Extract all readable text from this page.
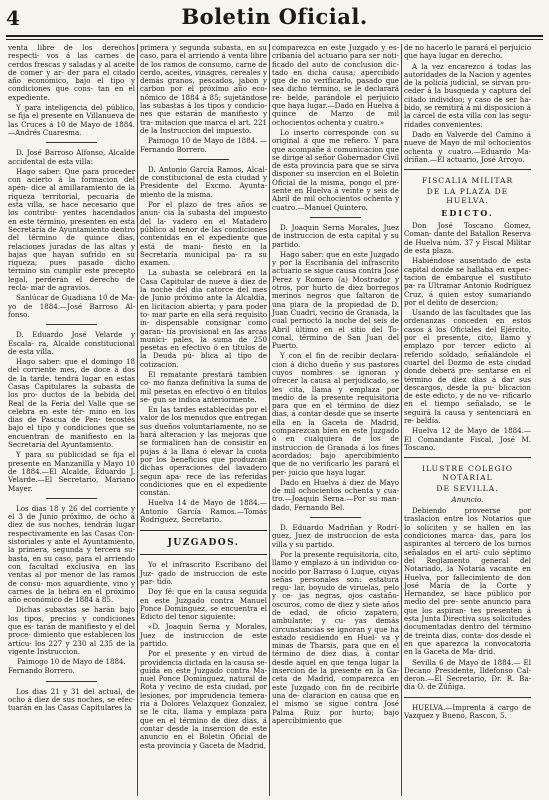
4	Boletin Oficial.

venta libre de los derechos respecti- vos á las carnes de cerdos frescas y saladas y al aceite de comer y ar- der para el citado año económico, bajo el tipo y condiciones que cons- tan en el expediente.

Y para inteligencia del público, se fija el presente en Villanueva de las Cruces á 10 de Mayo de 1884. —Andrés Cuaresma.

D. José Barroso Alfonso, Alcalde accidental de esta villa:

Hago saber: Que para proceder con acierto á la formacion del apén- dice al amillaramiento de la riqueza territorial, pecuaria de esta villa, se hace necesario que los contribu- yentes hacendados en este término, presenten en esta Secretaría de Ayuntamiento dentro del término de quince dias, relaciones juradas de las altas y bajas que hayan sufrido en su riqueza; pues pasado dicho término sin cumplir este precepto legal, perderán el derecho de recla- mar de agravios.

Sanlúcar de Guadiana 10 de Ma- yo de 1884.—José Barroso Al- fonso.

D. Eduardo José Velarde y Escala- ra, Alcalde constitucional de esta villa.

Hago saber: que el domingo 18 del corriente mes, de doce á dos de la tarde, tendrá lugar en estas Casas Capitulares la subasta de los pro- ductos de la bebida del Real de la Feria del Valle que se celebra en este tér- mino en los dias de Pascua de Pen- tecostés bajo el tipo y condiciones que se encuentran de manifiesto en la Secretaría del Ayuntamiento.

Y para su publicidad se fija el presente en Manzanilla y Mayo 10 de 1884.—El Alcalde, Eduardo J. Velarde.—El Secretario, Mariano Mayer.

Los dias 18 y 26 del corriente y el 3 de Junio próximo, de ocho á diez de sus noches, tendrán lugar respectivamente en las Casas Con- sistoriales y ante el Ayuntamiento, la primera, segunda y tercera su- basta, en su caso, para el arriendo con facultad exclusiva en las ventas al por menor de las ramos de consu- mos aguardiente, vino y carnes de la hebra en el próximo año económico de 1884 á 85.

Dichas subastas se harán bajo los tipos, precios y condiciones que es- tarán de manifiesto y el del proce- dimiento que establecen los artícu- los 227 y 230 al 235 de la vigente Instruccion.

Paimogo 10 de Mayo de 1884.

Fernando Borrero.

Los dias 21 y 31 del actual, de ocho á diez de sus noches, se efec- tuarán en las Casas Capitulares la

primera y segunda subasta, en su caso, para el arriendo á venta libre de los ramos de consumo, carne de cerdo, aceites, vinagres, cereales y demás granos, pescados, jabon y carbon por el próximo año eco- nómico de 1884 á 85; sujetándose las subastas á los tipos y condicio- nes que estarán de manifiesto y tra- mitacion que marca el art. 221 de la Instruccion del impuesto.

Paimogo 10 de Mayo de 1884. —Fernando Borrero.

D. Antonio García Ramos, Alcal- de constitucional de esta ciudad y Presidente del Excmo. Ayunta- miento de la misma.

Por el plazo de tres años se anun- cia la subasta del impuesto del la- vadero en el Matadero público al tenor de las condiciones contenidas en el expediente que está de mani- fiesto en la Secretaría municipal pa- ra su examen.

La subasta se celebrará en la Casa Capitular de nueve á diez de la noche del dia catorce del mes de Junio próximo ante la Alcaldía, en licitacion abierta; y para poder to- mar parte en ella será requisito in- dispensable consignar como garan- tía provisional en las arcas munici- pales, la suma de 250 pesetas en efectivo ó en títulos de la Deuda pú- blica al tipo de cotizacion.

El rematante prestará tambien co- mo fianza definitiva la suma de mil pesetas en efectivo ó en títulos se- gun se indica anteriormente.

En las tardes establecidas por el valor de los menudos que entregan sus dueños voluntariamente, no se hará alteracion y las mejoras que se formalicen han de consistir en pujas á la llana ó elevar la cuota por los beneficios que produzcan dichas operaciones del lavadero segun apa- rece de las referidas condiciones que en el expediente constan.

Huelva 14 de Mayo de 1884.— Antonio García Ramos.—Tomás Rodríguez, Secretario.

JUZGADOS.

Yo el infrascrito Escribano del Juz- gado de instruccion de este par- tido.

Doy fé: que en la causa seguida en este Juzgado contra Manuel Ponce Dominguez, se encuentra el Edicto del tenor siguiente:

«D. Joaquin Serna y Morales, Juez de instruccion de este partido.

Por el presente y en virtud de providencia dictada en la causa se- guida en este Juzgado contra Ma- nuel Ponce Dominguez, natural de Rota y vecino de esta ciudad, por lesiones, por imprudencia temera- ria á Dolores Velazquez Gonzalez, se le cita, llama y emplaza para que en el término de diez dias, á contar desde la insercion de este anuncio en el Boletin Oficial de esta provincia y Gaceta de Madrid,

comparezca en este Juzgado y es- cribanía del actuario para ser noti- ficado del auto de conclusion dic- tado en dicha causa; apercibido que de no verificarlo, pasado que sea dicho término, se le declarará re- belde, parándole el perjuicio que haya lugar.—Dado en Huelva á quince de Marzo de mil ochocientos ochenta y cuatro.»

Lo inserto corresponde con su original á que me refiero. Y para que acompañe á comunicacion que se dirige al señor Gobernador Civil de esta provincia para que se sirva disponer su insercion en el Boletin Oficial de la misma, pongo el pre- sente en Huelva á veinte y seis de Abril de mil ochocientos ochenta y cuatro.—Manuel Quintero.

D. Joaquin Serna Morales, Juez de instruccion de esta capital y su partido.

Hago saber: que en este Juzgado y por la Escribanía del infrascrito actuario se sigue causa contra José Perez y Romero (a) Mostrador y otros, por hurto de diez borregos merinos negros que faltaron de una piara de la propiedad de D. Juan Cuadri, vecino de Granada, la cual pernoctó la noche del seis de Abril último en el sitio del To- conal, término de San Juan del Puerto.

Y con el fin de recibir declara- cion á dicho dueño y sus pastores cuyos nombres se ignoran y ofrecer la causa al perjudicado, se les cita, llama y emplaza por medio de la presente requisitoria para que en el término de diez dias, á contar desde que se inserte ella en la Gaceta de Madrid, comparezcan bien en este Juzgado ó en cualquiera de los de instruccion de Granada á los fines acordados; bajo apercibimiento que de no verificarlo les parará el per- juicio que haya lugar.

Dado en Huelva á diez de Mayo de mil ochocientos ochenta y cua- tro.—Joaquin Serna.—Por su man- dado, Fernando Bel.

D. Eduardo Madriñan y Rodrí- guez, Juez de instruccion de esta villa y su partido.

Por la presente requisitoria, cito, llamo y emplazo á un individuo co- nocido por Barraso ó Luque, cuyas señas personales son: estatura regu- lar, boyudo de viruelas, pelo y ce- jas negras, ojos castaño-oscuros, como de diez y siete años de edad, de oficio zapatero, ambulante; y cu- yas demás circunstancias se ignoran y que ha estado residiendo en Huel- va y minas de Tharsis, para que en el término de diez dias, á contar desde aquel en que tenga lugar la insercion de la presente en la Ga- ceta de Madrid, comparezca en este Juzgado con fin de recibirle una de- claracion en causa que en el mismo se sigue contra José Palma Ruiz por hurto; bajo apercibimiento que

de no hacerlo le parará el perjuicio que haya lugar en derecho.

A la vez encarezco á todas las autoridades de la Nacion y agentes de la policía judicial, se sirvan pro- ceder á la busqueda y captura del citado individuo; y caso de ser ha- bido, se remitirá á mi disposicion á la cárcel de esta villa con las segu- ridades convenientes.

Dado en Valverde del Camino á nueve de Mayo de mil ochocientos ochenta y cuatro.—Eduardo Ma- driñan.—El actuario, José Arroyo.

FISCALIA MILITAR
DE LA PLAZA DE HUELVA.
EDICTO.

Don José Toscano Gomez, Coman- dante del Batallon Reserva de Huelva núm. 37 y Fiscal Militar de esta plaza.

Habiéndose ausentado de esta capital donde se hallaba en expec- tacion de embarque el sustituto pa- ra Ultramar Antonio Rodríguez Cruz, á quien estoy sumariando por el delito de desercion;

Usando de las facultades que las ordenanzas conceden en estos casos á los Oficiales del Ejército, por el presente, cito, llamo y emplazo por tercer edicto al referido soldado, señalándole el cuartel del Dozmo de esta ciudad donde deberá pre- sentarse en el término de diez dias á dar sus descargos, desde la pu- blicacion de este edicto, y de no ve- rificarlo en el tiempo señalado, se le seguirá la causa y sentenciará en re- beldía.

Huelva 12 de Mayo de 1884.— El Comandante Fiscal, José M. Toscano.

ILUSTRE COLEGIO NOTARIAL
DE SEVILLA.
Anuncio.

Debiendo proveerse por traslacion entre los Notarios que lo soliciten y se hallen en las condiciones marca- das, para los aspirantes al tercero de los turnos señalados en el artí- culo séptimo del Reglamento general del Notariado, la Notaría vacante en Huelva, por fallecimiento de don José María de la Corte y Hernandez, se hace público por medio del pre- sente anuncio para que los aspiran- tes presenten á esta Junta Directiva sus solicitudes documentadas dentro del término de treinta dias, conta- dos desde el en que aparezca la convocatoria en la Gaceta de Ma- drid.

Sevilla 6 de Mayo de 1884.— El Decano Presidente, Ildefonso Cal- deron.—El Secretario, Dr. R. Ba- día O. de Zúñiga.

HUELVA.—Imprenta á cargo de Vazquez y Bueno, Rascon, 5.
